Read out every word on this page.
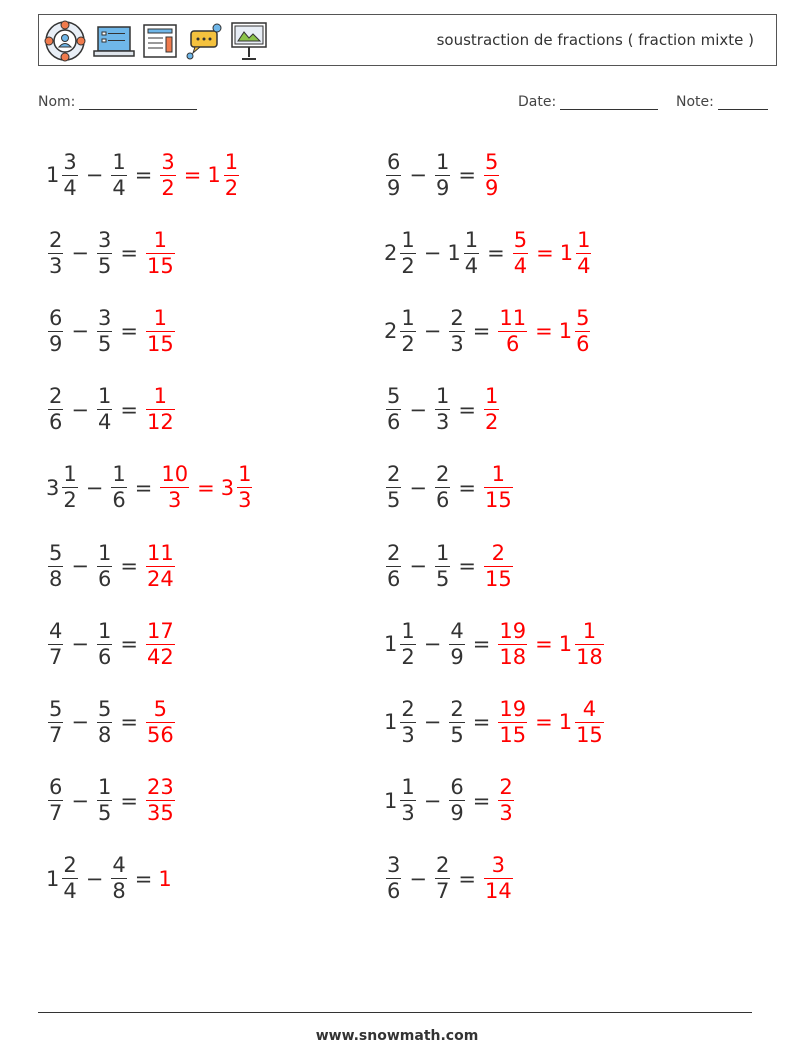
soustraction de fractions ( fraction mixte )
Nom:	Date:	Note:
$1 \frac{3}{4} - \frac{1}{4} = \frac{3}{2} = 1 \frac{1}{2}$	$\frac{6}{9} - \frac{1}{9} = \frac{5}{9}$
$\frac{2}{3} - \frac{3}{5} = \frac{1}{15}$	$2 \frac{1}{2} - 1 \frac{1}{4} = \frac{5}{4} = 1 \frac{1}{4}$
$\frac{6}{9} - \frac{3}{5} = \frac{1}{15}$	$2 \frac{1}{2} - \frac{2}{3} = \frac{11}{6} = 1 \frac{5}{6}$
$\frac{2}{6} - \frac{1}{4} = \frac{1}{12}$	$\frac{5}{6} - \frac{1}{3} = \frac{1}{2}$
$3 \frac{1}{2} - \frac{1}{6} = \frac{10}{3} = 3 \frac{1}{3}$	$\frac{2}{5} - \frac{2}{6} = \frac{1}{15}$
$\frac{5}{8} - \frac{1}{6} = \frac{11}{24}$	$\frac{2}{6} - \frac{1}{5} = \frac{2}{15}$
$\frac{4}{7} - \frac{1}{6} = \frac{17}{42}$	$1 \frac{1}{2} - \frac{4}{9} = \frac{19}{18} = 1 \frac{1}{18}$
$\frac{5}{7} - \frac{5}{8} = \frac{5}{56}$	$1 \frac{2}{3} - \frac{2}{5} = \frac{19}{15} = 1 \frac{4}{15}$
$\frac{6}{7} - \frac{1}{5} = \frac{23}{35}$	$1 \frac{1}{3} - \frac{6}{9} = \frac{2}{3}$
$1 \frac{2}{4} - \frac{4}{8} = 1$	$\frac{3}{6} - \frac{2}{7} = \frac{3}{14}$
www.snowmath.com
